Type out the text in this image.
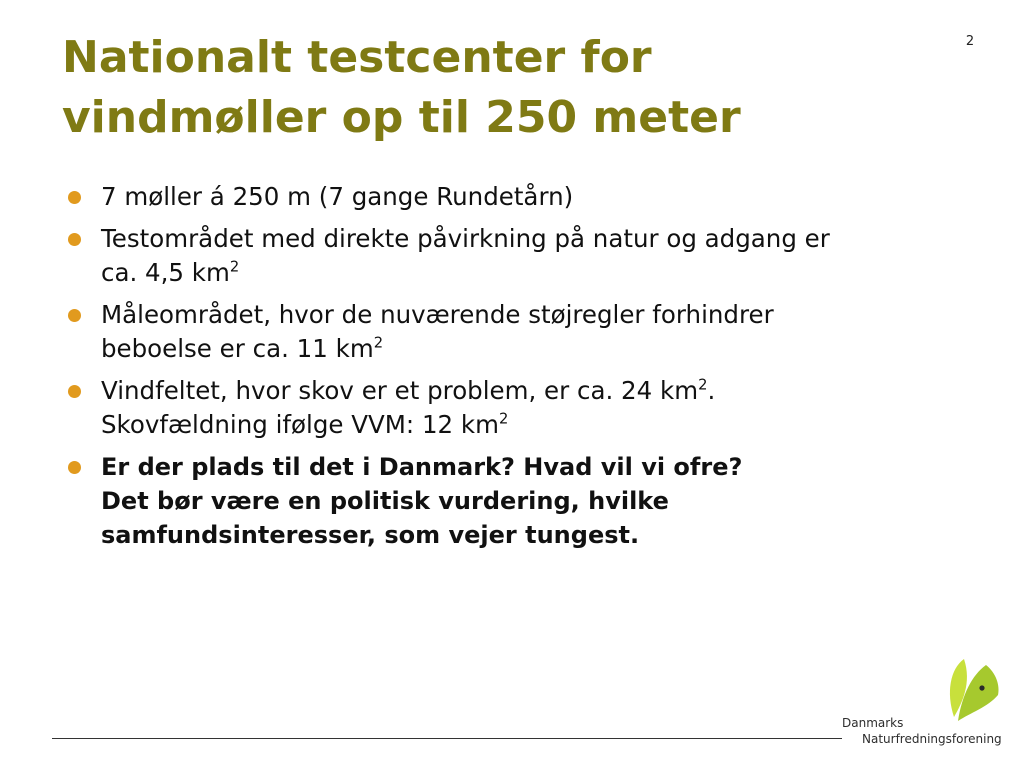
Nationalt testcenter for
vindmøller op til 250 meter
2
7 møller á 250 m (7 gange Rundetårn)
Testområdet med direkte påvirkning på natur og adgang er
ca. 4,5 $km^2$
Måleområdet, hvor de nuværende støjregler forhindrer
beboelse er ca. 11 $km^2$
Vindfeltet, hvor skov er et problem, er ca. 24 $km^2$.
Skovfældning ifølge VVM: 12 $km^2$
Er der plads til det i Danmark? Hvad vil vi ofre?
Det bør være en politisk vurdering, hvilke
samfundsinteresser, som vejer tungest.
Danmarks
Naturfredningsforening
